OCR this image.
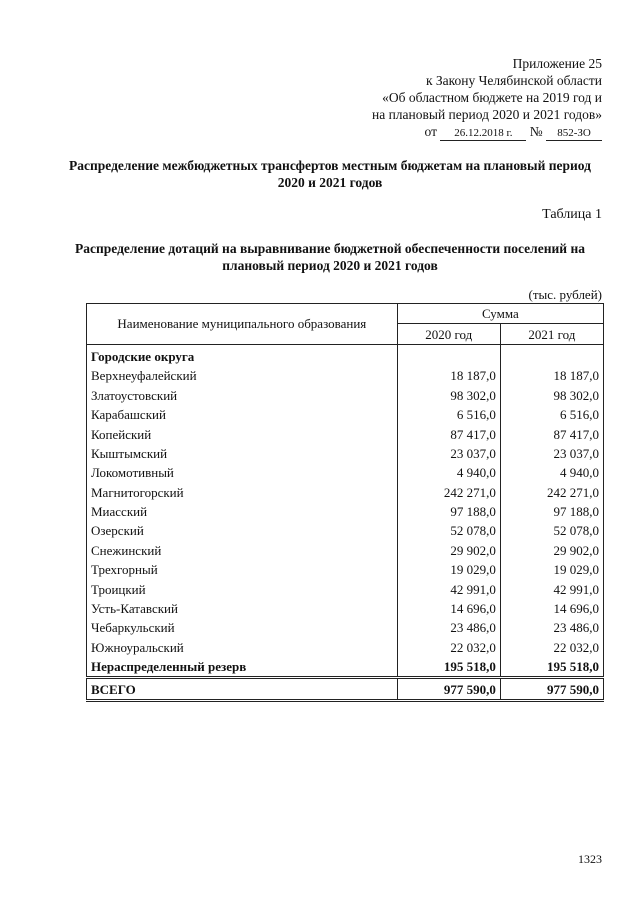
Приложение 25
к Закону Челябинской области
«Об областном бюджете на 2019 год и
на плановый период 2020 и 2021 годов»
от 26.12.2018 г. № 852-ЗО
Распределение межбюджетных трансфертов местным бюджетам на плановый период 2020 и 2021 годов
Таблица 1
Распределение дотаций на выравнивание бюджетной обеспеченности поселений на плановый период 2020 и 2021 годов
(тыс. рублей)
Наименование муниципального образования	Сумма	
	2020 год	2021 год
Городские округа		
Верхнеуфалейский	18 187,0	18 187,0
Златоустовский	98 302,0	98 302,0
Карабашский	6 516,0	6 516,0
Копейский	87 417,0	87 417,0
Кыштымский	23 037,0	23 037,0
Локомотивный	4 940,0	4 940,0
Магнитогорский	242 271,0	242 271,0
Миасский	97 188,0	97 188,0
Озерский	52 078,0	52 078,0
Снежинский	29 902,0	29 902,0
Трехгорный	19 029,0	19 029,0
Троицкий	42 991,0	42 991,0
Усть-Катавский	14 696,0	14 696,0
Чебаркульский	23 486,0	23 486,0
Южноуральский	22 032,0	22 032,0
Нераспределенный резерв	195 518,0	195 518,0
ВСЕГО	977 590,0	977 590,0
1323
